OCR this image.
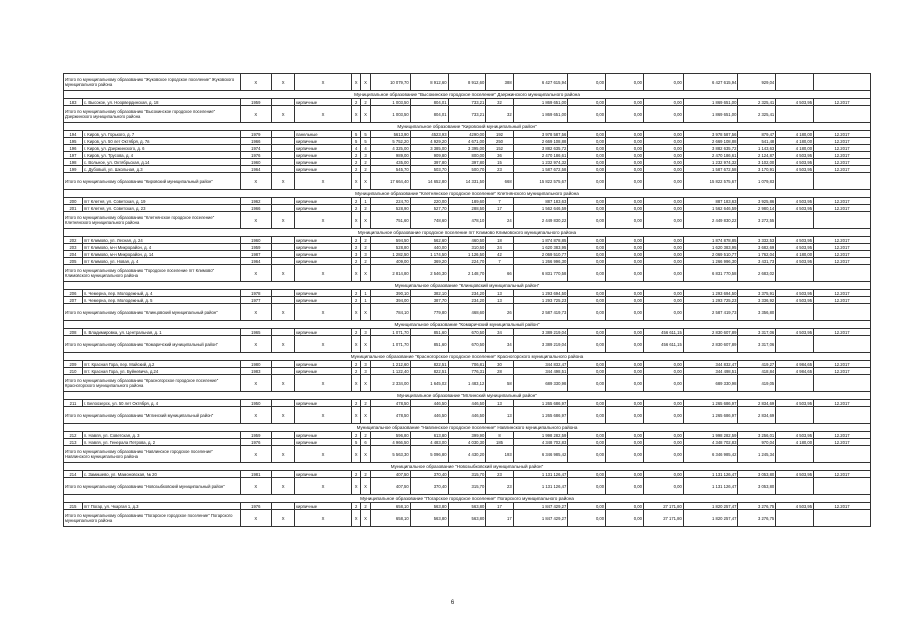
Итого по муниципальному образованию "Жуковское городское поселение" Жуковского муниципального района		X	X	X	X	X	10 079,70	8 912,60	8 912,60	388	6 427 615,94	0,00	0,00	0,00	6 427 615,94	929,04		
Муниципальное образование "Высокинское городское поселение" Дзержинского муниципального района																		
183	с. Высокое, ул. Ноорвердинская, д. 18	1959		кирпичные	2	2	1 003,50	804,01	733,21	32	1 869 651,00	0,00	0,00	0,00	1 869 651,00	2 325,41	4 503,95	12.2017
Итого по муниципальному образованию "Высокинское городское поселение" Дзержинского муниципального района		X	X	X	X	X	1 003,50	804,01	733,21	32	1 869 651,00	0,00	0,00	0,00	1 869 651,00	2 325,41		
Муниципальное образование "Кировский муниципальный район"																		
194	г. Киров, ул. Горького, д. 7	1979		панельные	5	5	5613,90	4523,93	4290,00	192	3 978 587,56	0,00	0,00	0,00	3 978 587,56	879,47	4 180,00	12.2017
195	г. Киров, ул. 50 лет Октября, д. 7в	1966		кирпичные	5	5	5 752,20	4 929,20	4 671,00	250	2 669 108,88	0,00	0,00	0,00	2 669 108,88	541,48	4 180,00	12.2017
196	г. Киров, ул. Дзержинского, д. 6	1974		кирпичные	4	4	4 325,00	3 385,00	3 395,00	152	3 882 635,72	0,00	0,00	0,00	3 882 635,72	1 143,63	4 180,00	12.2017
197	г. Киров, ул. Трусова, д. 4	1976		кирпичные	2	3	989,00	909,80	800,00	36	2 470 186,61	0,00	0,00	0,00	2 470 186,61	2 124,87	4 503,95	12.2017
198	с. Вольное, ул. Октябрьская, д.14	1960		кирпичные	2	2	435,00	397,80	397,80	15	1 232 974,32	0,00	0,00	0,00	1 232 974,32	3 102,00	4 503,95	12.2017
199	с. Дубовый, ул. Школьная, д.3	1964		кирпичные	2	2	545,70	503,70	500,70	23	1 587 672,58	0,00	0,00	0,00	1 587 672,58	3 170,91	4 503,95	12.2017
Итого по муниципальному образованию "Кировский муниципальный район"		X	X	X	X	X	17 664,40	14 652,80	14 331,50	668	15 822 575,67	0,00	0,00	0,00	15 822 575,67	1 079,83		
Муниципальное образование "Клетнянское городское поселение" Клетнянского муниципального района																		
200	пгт Клетня, ул. Советская, д. 19	1962		кирпичные	2	1	224,70	220,00	189,60	7	887 183,63	0,00	0,00	0,00	887 183,63	3 925,86	4 503,95	12.2017
201	пгт Клетня, ул. Советская, д. 23	1966		кирпичные	2	2	528,90	527,70	288,50	17	1 562 646,59	0,00	0,00	0,00	1 562 646,59	2 980,14	4 503,95	12.2017
Итого по муниципальному образованию "Клетнянское городское поселение" Клетнянского муниципального района		X	X	X	X	X	751,60	748,60	478,10	24	2 449 830,22	0,00	0,00	0,00	2 449 830,22	3 272,55		
Муниципальное образование городское поселение пгт Климово Климовского муниципального района																		
202	пгт Климово, ул. Лесная, д. 24	1960		кирпичные	2	2	594,50	562,60	460,50	18	1 874 878,85	0,00	0,00	0,00	1 874 878,85	3 332,53	4 503,95	12.2017
203	пгт Климово, м-н Микрорайон, д. 4	1959		кирпичные	2	2	528,80	440,00	310,50	24	1 620 383,95	0,00	0,00	0,00	1 620 383,95	3 682,69	4 503,95	12.2017
204	пгт Климово, м-н Микрорайон, д. 14	1987		кирпичные	3	3	1 282,50	1 174,50	1 126,50	42	2 069 510,77	0,00	0,00	0,00	2 069 510,77	1 762,04	4 180,00	12.2017
205	пгт Климово, ул. Новая, д. 4	1964		кирпичные	2	2	409,00	369,20	224,70	7	1 266 996,30	0,00	0,00	0,00	1 266 996,30	3 431,73	4 503,95	12.2017
Итого по муниципальному образованию "Городское поселение пгт Климово" Климовского муниципального района		X	X	X	X	X	2 814,80	2 546,30	2 148,70	66	6 831 770,58	0,00	0,00	0,00	6 831 770,58	2 683,02		
Муниципальное образование "Клинцовский муниципальный район"																		
206	п. Чемерна, пер. Молодежный, д. 4	1978		кирпичные	2	1	390,10	382,10	234,20	13	1 293 694,50	0,00	0,00	0,00	1 293 694,50	3 375,91	4 503,95	12.2017
207	п. Чемерна, пер. Молодежный, д. 5	1977		кирпичные	2	1	394,00	387,70	234,20	13	1 293 725,23	0,00	0,00	0,00	1 293 725,23	3 336,92	4 503,95	12.2017
Итого по муниципальному образованию "Клинцовский муниципальный район"		X	X	X	X	X	784,10	779,80	468,60	26	2 587 419,73	0,00	0,00	0,00	2 587 419,73	3 356,80		
Муниципальное образование "Комаричский муниципальный район"																		
208	п. Владимировка, ул. Центральная, д. 1	1965		кирпичные	2	3	1 071,70	851,60	670,50	34	3 389 219,04	0,00	0,00	456 611,15	2 830 607,89	3 317,06	4 503,95	12.2017
Итого по муниципальному образованию "Комаричский муниципальный район"		X	X	X	X	X	1 071,70	851,60	670,50	34	3 389 219,04	0,00	0,00	456 611,15	2 830 607,89	3 317,06		
Муниципальное образование "Красногорское городское поселение" Красногорского муниципального района																		
209	пгт. Красная Гора, пер. Майский, д.2	1980		кирпичные	2	3	1 212,60	822,51	706,81	30	344 832,47	0,00	0,00	0,00	344 832,47	419,27	4 984,65	12.2017
210	пгт. Красная Гора, ул. Буйневича, д.24	1983		кирпичные	2	3	1 122,40	822,51	776,31	28	344 498,51	0,00	0,00	0,00	344 498,51	418,84	4 984,65	12.2017
Итого по муниципальному образованию "Красногорское городское поселение" Красногорского муниципального района		X	X	X	X	X	2 334,00	1 645,02	1 483,12	58	689 330,98	0,00	0,00	0,00	689 330,98	419,05		
Муниципальное образование "Мглинский муниципальный район"																		
211	г. Белоозерск, ул. 50 лет Октября, д. 4	1950		кирпичные	2	2	478,50	446,50	446,50	13	1 265 686,97	0,00	0,00	0,00	1 265 686,97	2 834,69	4 503,95	12.2017
Итого по муниципальному образованию "Мглинский муниципальный район"		X	X	X	X	X	478,50	446,50	446,50	13	1 265 686,97	0,00	0,00	0,00	1 265 686,97	2 834,69		
Муниципальное образование "Навлинское городское поселение" Навлинского муниципального района																		
212	п. Навля, ул. Советская, д. 3	1959		кирпичные	2	2	596,80	613,80	399,90	8	1 998 282,59	0,00	0,00	0,00	1 998 282,59	3 256,01	4 503,95	12.2017
213	п. Навля, ул. Генерала Петрова, д. 2	1976		кирпичные	5	6	4 966,50	4 483,00	4 030,30	185	4 348 702,83	0,00	0,00	0,00	4 348 702,83	970,04	4 180,00	12.2017
Итого по муниципальному образованию "Навлинское городское поселение" Навлинского муниципального района		X	X	X	X	X	5 563,30	5 096,80	4 430,20	193	6 346 985,42	0,00	0,00	0,00	6 346 985,42	1 245,34		
Муниципальное образование "Новозыбковский муниципальный район"																		
214	с. Замишево, ул. Мамоновская, № 20	1981		кирпичные	2	2	407,50	370,40	315,70	23	1 131 126,47	0,00	0,00	0,00	1 131 126,47	3 053,80	4 503,95	12.2017
Итого по муниципальному образованию "Новозыбковский муниципальный район"		X	X	X	X	X	407,50	370,40	315,70	23	1 131 126,47	0,00	0,00	0,00	1 131 126,47	3 053,80		
Муниципальное образование "Погарское городское поселение" Погарского муниципального района																		
215	пгт Погар, ул. Чкаргая 1, д.3	1976		кирпичные	2	2	658,10	563,80	563,80	17	1 847 429,27	0,00	0,00	27 171,80	1 820 257,47	3 276,75	4 503,95	12.2017
Итого по муниципальному образованию "Погарское городское поселение" Погарского муниципального района		X	X	X	X	X	658,10	563,80	563,80	17	1 847 429,27	0,00	0,00	27 171,80	1 820 257,47	3 276,75		
6
